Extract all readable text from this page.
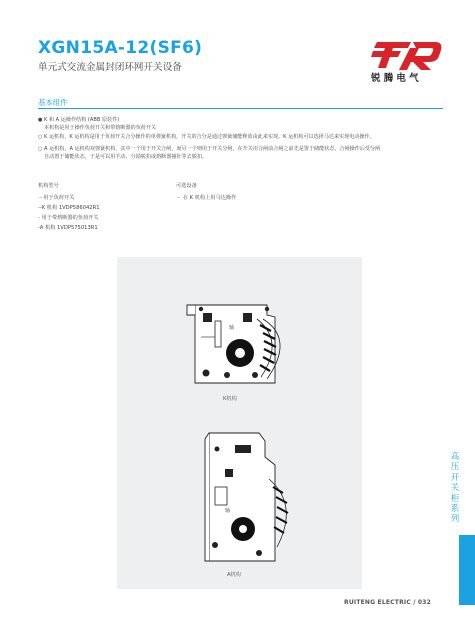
XGN15A-12(SF6)
单元式交流金属封闭环网开关设备
锐腾电气
基本组件
● K 和 A 运操作结构 (ABB 原装件)
本机构是用于操作负荷开关和带熔断器的负荷开关
○ K 运机构，K 运机构是用于负荷开关合分操作的单弹簧机构，开关的合分是通过弹簧储能释放由此来实现。K 运机构可以选择马达来实现电动操作。
○ A 运机构，A 运机构双弹簧机构，其中一个用于开关合闸，而另一个则用于开关分闸。在开关用合闸前合闸之前先是置于储能状态，合闸操作后受分闸
自动置于储能状态，于是可以用手动、分励脱扣或熔断器撞针等去脱扣。
机构型号
－用于负荷开关
--K 机构 1VDP586042R1
- 用于带熔断器的负荷开关
-A 机构 1VDP575013R1
可选设备
－ 在 K 机构上用马达操作
轴
轴
K机构
A机构
高压开关柜系列
RUITENG ELECTRIC / 032
